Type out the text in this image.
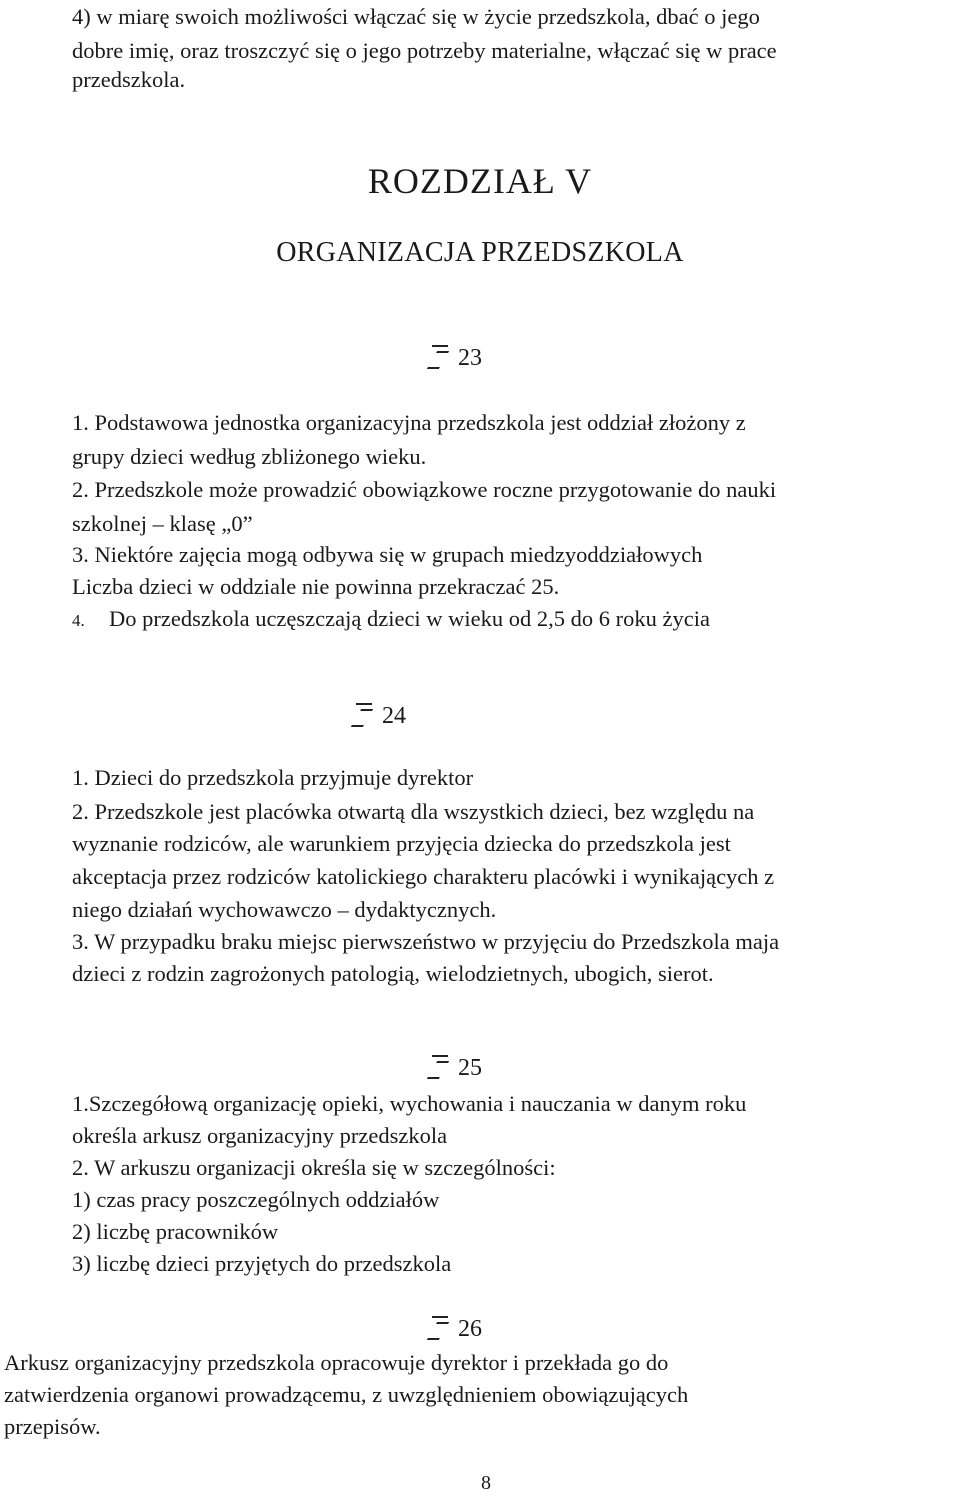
4) w miarę swoich możliwości włączać się w życie przedszkola, dbać o jego
dobre imię, oraz troszczyć się o jego potrzeby materialne, włączać się w prace
przedszkola.
ROZDZIAŁ V
ORGANIZACJA PRZEDSZKOLA
23
1. Podstawowa jednostka organizacyjna przedszkola jest oddział złożony z
grupy dzieci według zbliżonego wieku.
2. Przedszkole może prowadzić obowiązkowe roczne przygotowanie do nauki
szkolnej – klasę „0”
3. Niektóre zajęcia mogą odbywa się w grupach miedzyoddziałowych
Liczba dzieci w oddziale nie powinna przekraczać 25.
4. Do przedszkola uczęszczają dzieci w wieku od 2,5 do 6 roku życia
24
1. Dzieci do przedszkola przyjmuje dyrektor
2. Przedszkole jest placówka otwartą dla wszystkich dzieci, bez względu na
wyznanie rodziców, ale warunkiem przyjęcia dziecka do przedszkola jest
akceptacja przez rodziców katolickiego charakteru placówki i wynikających z
niego działań wychowawczo – dydaktycznych.
3. W przypadku braku miejsc pierwszeństwo w przyjęciu do Przedszkola maja
dzieci z rodzin zagrożonych patologią, wielodzietnych, ubogich, sierot.
25
1.Szczegółową organizację opieki, wychowania i nauczania w danym roku
określa arkusz organizacyjny przedszkola
2. W arkuszu organizacji określa się w szczególności:
1) czas pracy poszczególnych oddziałów
2) liczbę pracowników
3) liczbę dzieci przyjętych do przedszkola
26
Arkusz organizacyjny przedszkola opracowuje dyrektor i przekłada go do
zatwierdzenia organowi prowadzącemu, z uwzględnieniem obowiązujących
przepisów.
8
